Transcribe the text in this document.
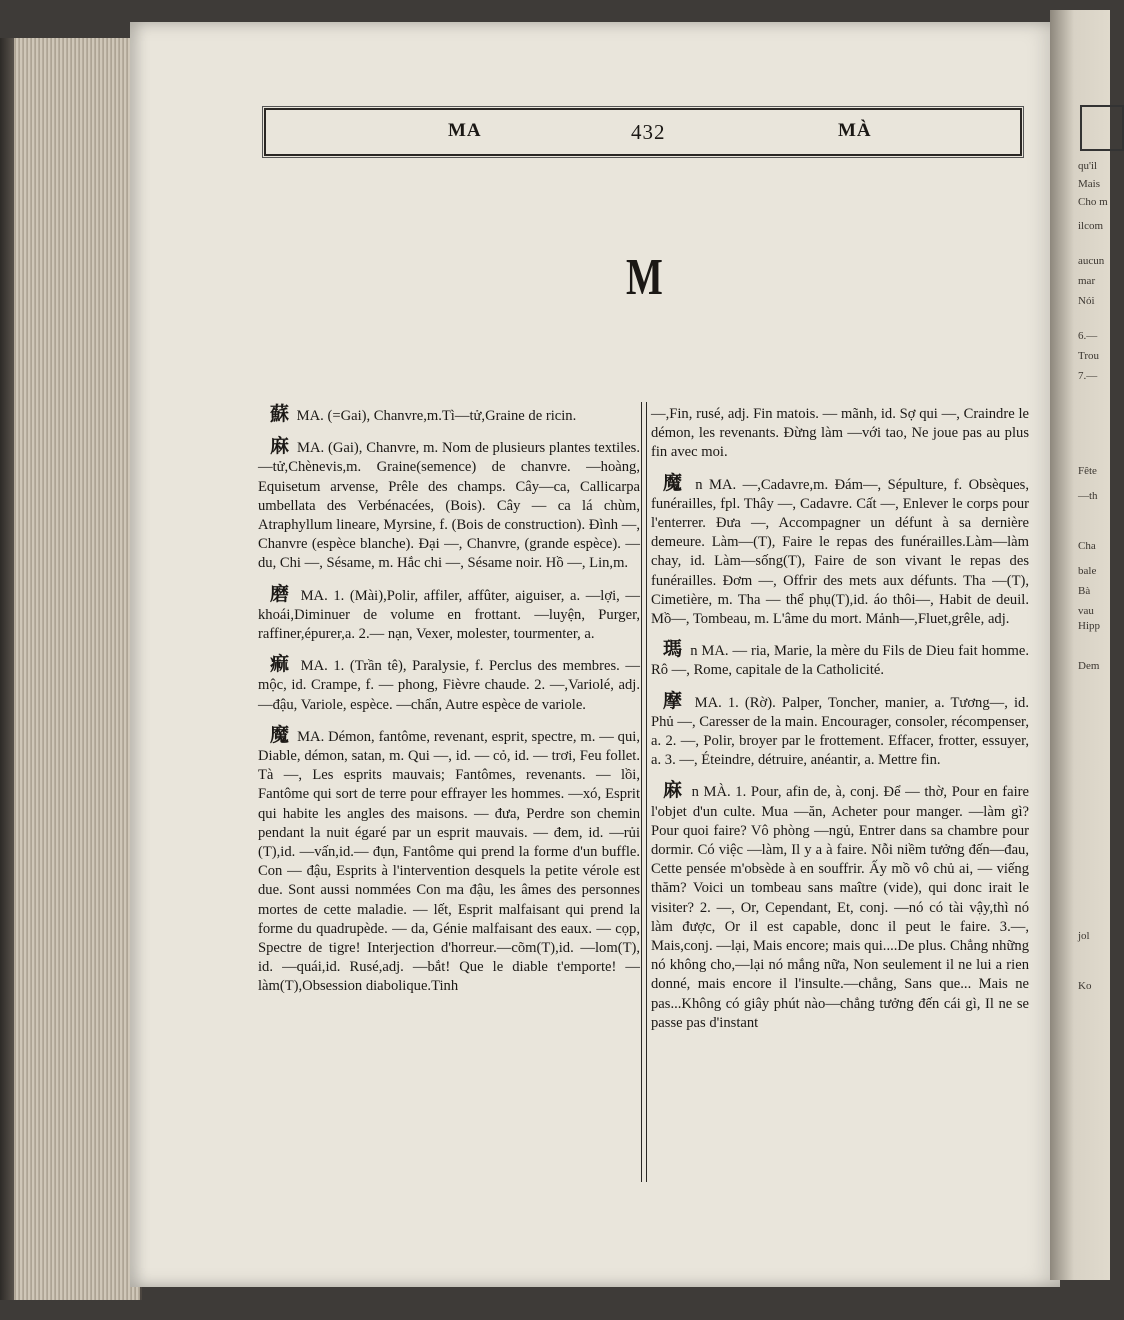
qu'il
Mais
Cho m
ilcom
aucun
mar
Nói
6.—
7.—
Trou
Hipp
Dem
Cha
bale
—th
Fête
Bà
vau
jol
Ko
MA	432	MÀ
M
蘇 MA. (=Gai), Chanvre,m.Tì—tử,Graine de ricin.
麻 MA. (Gai), Chanvre, m. Nom de plusieurs plantes textiles.—tử,Chènevis,m. Graine(semence) de chanvre. —hoàng, Equisetum arvense, Prêle des champs. Cây—ca, Callicarpa umbellata des Verbénacées, (Bois). Cây — ca lá chùm, Atraphyllum lineare, Myrsine, f. (Bois de construction). Đình —, Chanvre (espèce blanche). Đại —, Chanvre, (grande espèce). — du, Chi —, Sésame, m. Hắc chi —, Sésame noir. Hồ —, Lin,m.
磨 MA. 1. (Mài),Polir, affiler, affûter, aiguiser, a. —lợi, —khoái,Diminuer de volume en frottant. —luyện, Purger, raffiner,épurer,a. 2.— nạn, Vexer, molester, tourmenter, a.
痲 MA. 1. (Trần tê), Paralysie, f. Perclus des membres. —mộc, id. Crampe, f. — phong, Fièvre chaude. 2. —,Variolé, adj. —đậu, Variole, espèce. —chẩn, Autre espèce de variole.
魔 MA. Démon, fantôme, revenant, esprit, spectre, m. — qui, Diable, démon, satan, m. Qui —, id. — cỏ, id. — trơi, Feu follet. Tà —, Les esprits mauvais; Fantômes, revenants. — lồi, Fantôme qui sort de terre pour effrayer les hommes. —xó, Esprit qui habite les angles des maisons. — đưa, Perdre son chemin pendant la nuit égaré par un esprit mauvais. — đem, id. —rủi (T),id. —vấn,id.— đụn, Fantôme qui prend la forme d'un buffle. Con — đậu, Esprits à l'intervention desquels la petite vérole est due. Sont aussi nommées Con ma đậu, les âmes des personnes mortes de cette maladie. — lết, Esprit malfaisant qui prend la forme du quadrupède. — da, Génie malfaisant des eaux. — cọp, Spectre de tigre! Interjection d'horreur.—cõm(T),id. —lom(T), id. —quái,id. Rusé,adj. —bắt! Que le diable t'emporte! —làm(T),Obsession diabolique.Tinh
—,Fin, rusé, adj. Fin matois. — mãnh, id. Sợ qui —, Craindre le démon, les revenants. Đừng làm —với tao, Ne joue pas au plus fin avec moi.
魔 n MA. —,Cadavre,m. Đám—, Sépulture, f. Obsèques, funérailles, fpl. Thây —, Cadavre. Cất —, Enlever le corps pour l'enterrer. Đưa —, Accompagner un défunt à sa dernière demeure. Làm—(T), Faire le repas des funérailles.Làm—làm chay, id. Làm—sống(T), Faire de son vivant le repas des funérailles. Đơm —, Offrir des mets aux défunts. Tha —(T), Cimetière, m. Tha — thể phụ(T),id. áo thôi—, Habit de deuil. Mồ—, Tombeau, m. L'âme du mort. Mảnh—,Fluet,grêle, adj.
瑪 n MA. — ria, Marie, la mère du Fils de Dieu fait homme. Rô —, Rome, capitale de la Catholicité.
摩 MA. 1. (Rờ). Palper, Toncher, manier, a. Tương—, id. Phủ —, Caresser de la main. Encourager, consoler, récompenser, a. 2. —, Polir, broyer par le frottement. Effacer, frotter, essuyer, a. 3. —, Éteindre, détruire, anéantir, a. Mettre fin.
麻 n MÀ. 1. Pour, afin de, à, conj. Để — thờ, Pour en faire l'objet d'un culte. Mua —ăn, Acheter pour manger. —làm gì? Pour quoi faire? Vô phòng —ngủ, Entrer dans sa chambre pour dormir. Có việc —làm, Il y a à faire. Nỗi niềm tưởng đến—đau, Cette pensée m'obsède à en souffrir. Ấy mồ vô chủ ai, — viếng thăm? Voici un tombeau sans maître (vide), qui donc irait le visiter? 2. —, Or, Cependant, Et, conj. —nó có tài vậy,thì nó làm được, Or il est capable, donc il peut le faire. 3.—, Mais,conj. —lại, Mais encore; mais qui....De plus. Chẳng những nó không cho,—lại nó mắng nữa, Non seulement il ne lui a rien donné, mais encore il l'insulte.—chẳng, Sans que... Mais ne pas...Không có giây phút nào—chẳng tưởng đến cái gì, Il ne se passe pas d'instant
